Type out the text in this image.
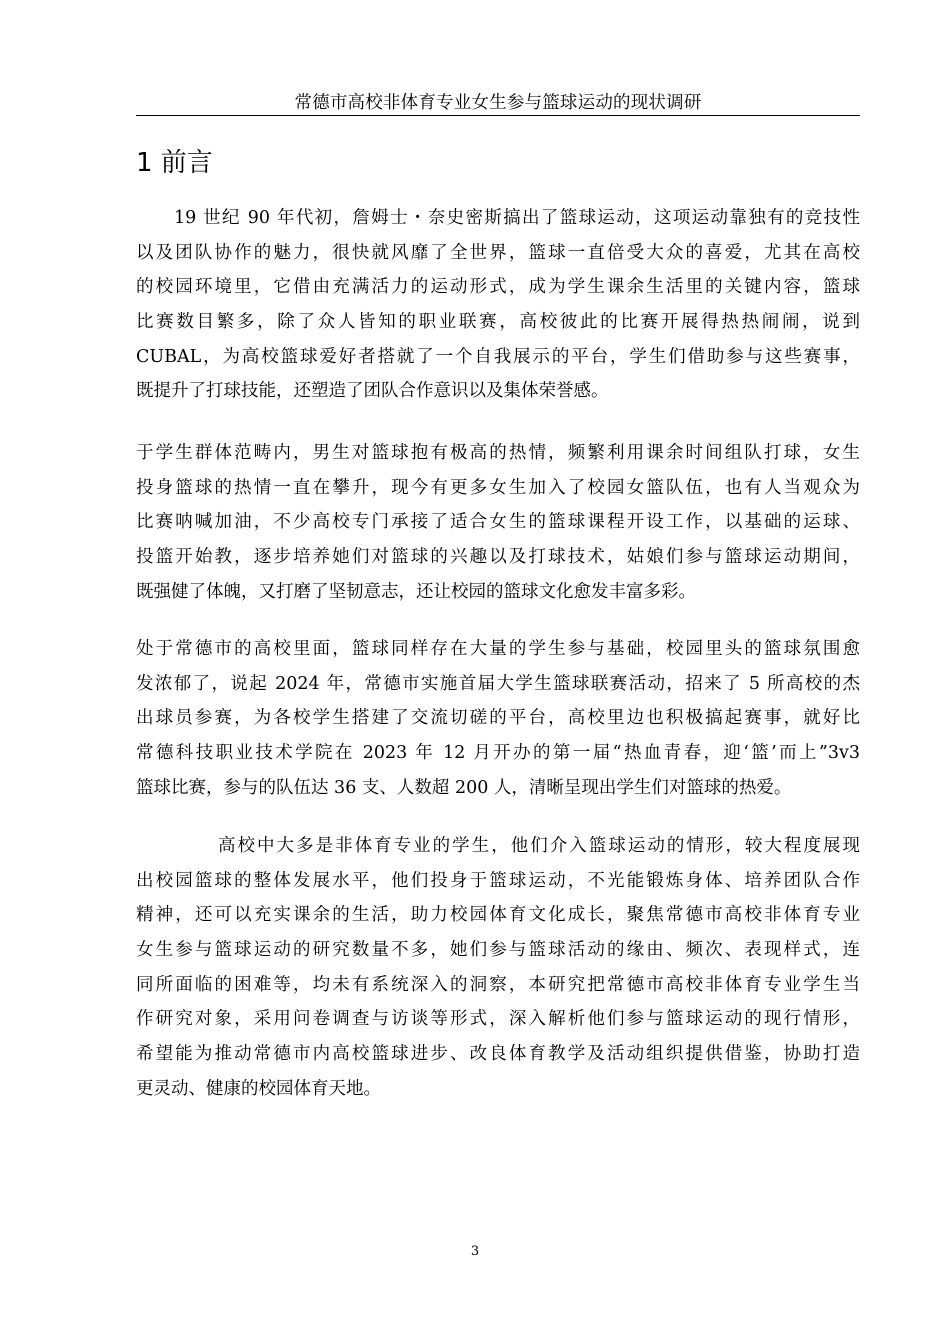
常德市高校非体育专业女生参与篮球运动的现状调研
1 前言
19 世纪 90 年代初，詹姆士・奈史密斯搞出了篮球运动，这项运动靠独有的竞技性
以及团队协作的魅力，很快就风靡了全世界，篮球一直倍受大众的喜爱，尤其在高校
的校园环境里，它借由充满活力的运动形式，成为学生课余生活里的关键内容，篮球
比赛数目繁多，除了众人皆知的职业联赛，高校彼此的比赛开展得热热闹闹，说到
CUBAL，为高校篮球爱好者搭就了一个自我展示的平台，学生们借助参与这些赛事，
既提升了打球技能，还塑造了团队合作意识以及集体荣誉感。
于学生群体范畴内，男生对篮球抱有极高的热情，频繁利用课余时间组队打球，女生
投身篮球的热情一直在攀升，现今有更多女生加入了校园女篮队伍，也有人当观众为
比赛呐喊加油，不少高校专门承接了适合女生的篮球课程开设工作，以基础的运球、
投篮开始教，逐步培养她们对篮球的兴趣以及打球技术，姑娘们参与篮球运动期间，
既强健了体魄，又打磨了坚韧意志，还让校园的篮球文化愈发丰富多彩。
处于常德市的高校里面，篮球同样存在大量的学生参与基础，校园里头的篮球氛围愈
发浓郁了，说起 2024 年，常德市实施首届大学生篮球联赛活动，招来了 5 所高校的杰
出球员参赛，为各校学生搭建了交流切磋的平台，高校里边也积极搞起赛事，就好比
常德科技职业技术学院在 2023 年 12 月开办的第一届“热血青春，迎‘篮’而上”3v3
篮球比赛，参与的队伍达 36 支、人数超 200 人，清晰呈现出学生们对篮球的热爱。
高校中大多是非体育专业的学生，他们介入篮球运动的情形，较大程度展现
出校园篮球的整体发展水平，他们投身于篮球运动，不光能锻炼身体、培养团队合作
精神，还可以充实课余的生活，助力校园体育文化成长，聚焦常德市高校非体育专业
女生参与篮球运动的研究数量不多，她们参与篮球活动的缘由、频次、表现样式，连
同所面临的困难等，均未有系统深入的洞察，本研究把常德市高校非体育专业学生当
作研究对象，采用问卷调查与访谈等形式，深入解析他们参与篮球运动的现行情形，
希望能为推动常德市内高校篮球进步、改良体育教学及活动组织提供借鉴，协助打造
更灵动、健康的校园体育天地。
3
